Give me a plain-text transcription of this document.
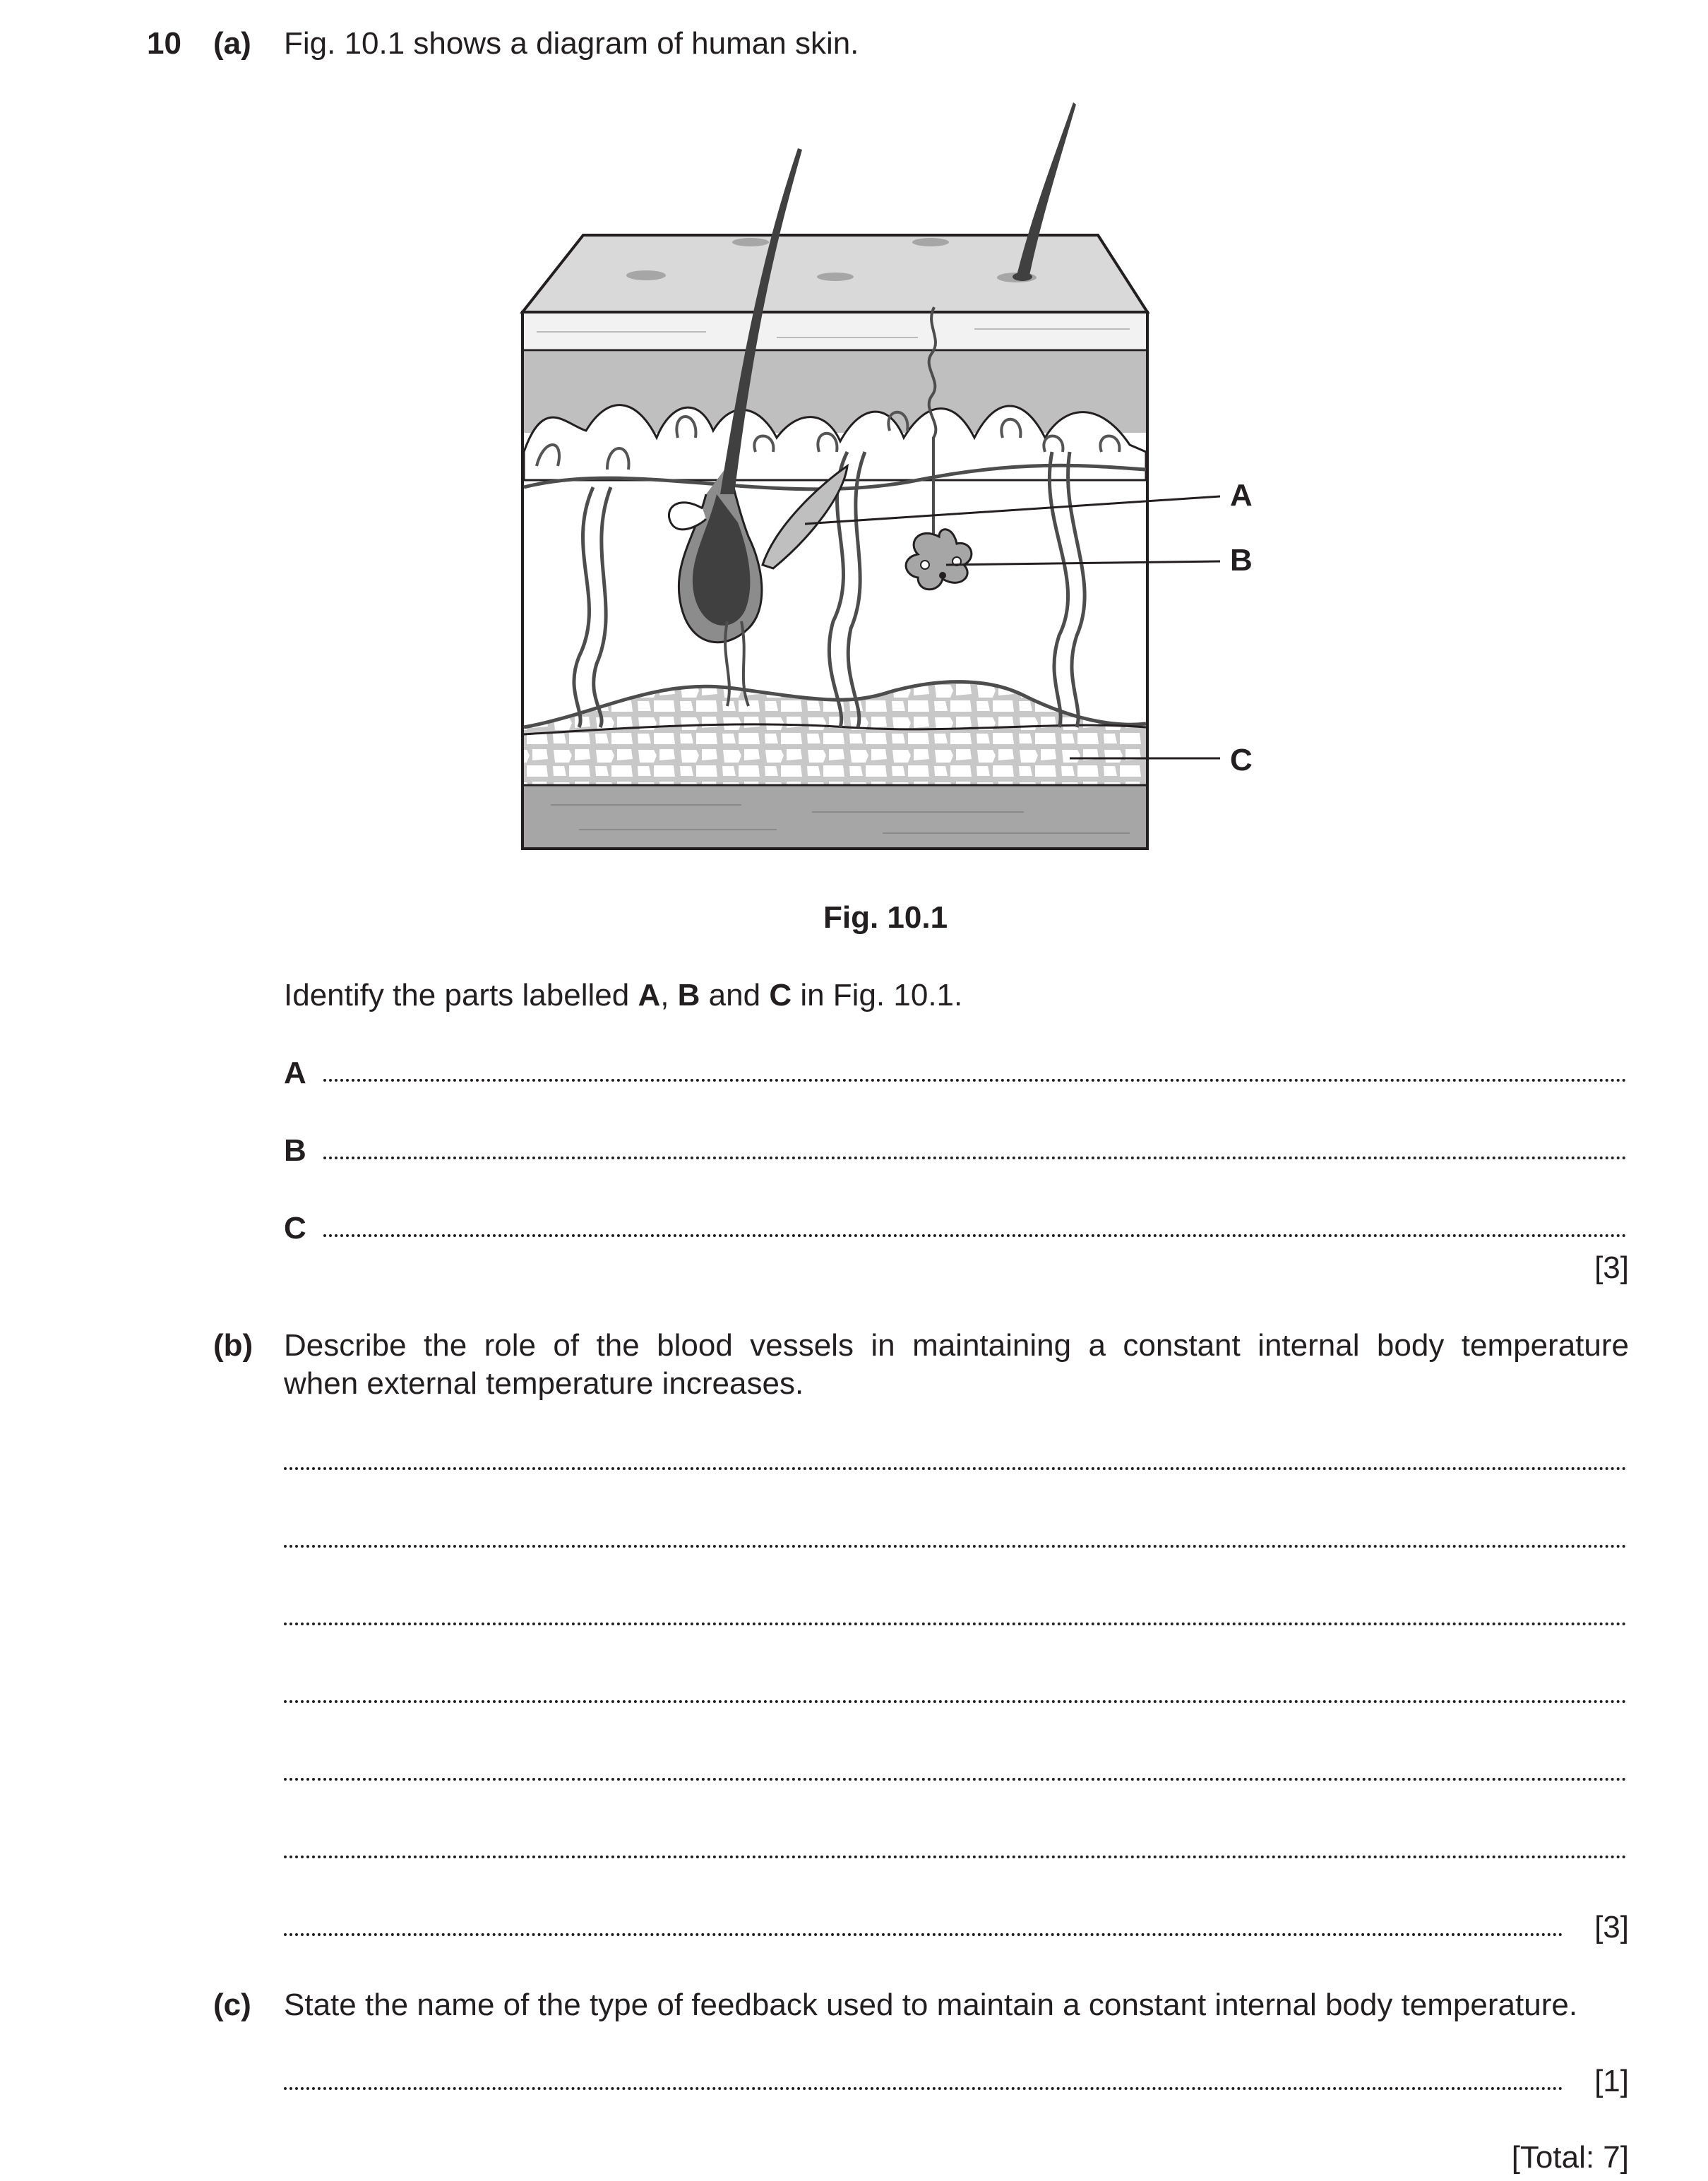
10 (a) Fig. 10.1 shows a diagram of human skin.
A
B
C
Fig. 10.1
Identify the parts labelled A, B and C in Fig. 10.1.
A
B
C
[3]
(b) Describe the role of the blood vessels in maintaining a constant internal body temperature
when external temperature increases.
[3]
(c) State the name of the type of feedback used to maintain a constant internal body temperature.
[1]
[Total: 7]
